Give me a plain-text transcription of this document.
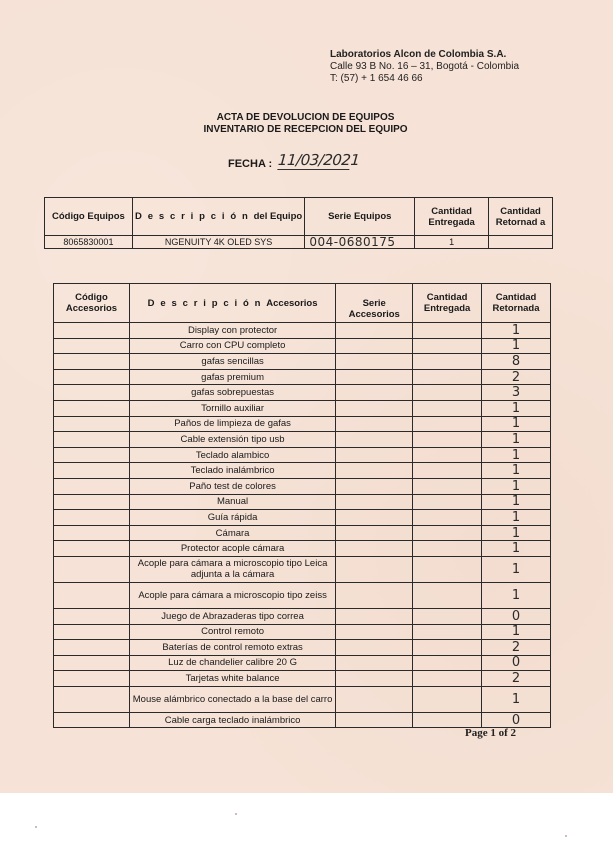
Laboratorios Alcon de Colombia S.A.
Calle 93 B No. 16 – 31, Bogotá - Colombia
T: (57) + 1 654 46 66
ACTA DE DEVOLUCION DE EQUIPOS
INVENTARIO DE RECEPCION DEL EQUIPO
FECHA : 11/03/2021
Código Equipos	D e s c r i p c i ó n del Equipo	Serie Equipos	Cantidad Entregada	Cantidad Retornad a
8065830001	NGENUITY 4K OLED SYS	004-0680175	1	
Código Accesorios	D e s c r i p c i ó n Accesorios	Serie Accesorios	Cantidad Entregada	Cantidad Retornada
	Display con protector			1
	Carro con CPU completo			1
	gafas sencillas			8
	gafas premium			2
	gafas sobrepuestas			3
	Tornillo auxiliar			1
	Paños de limpieza de gafas			1
	Cable extensión tipo usb			1
	Teclado alambico			1
	Teclado inalámbrico			1
	Paño test de colores			1
	Manual			1
	Guía rápida			1
	Cámara			1
	Protector acople cámara			1
	Acople para cámara a microscopio tipo Leica adjunta a la cámara			1
	Acople para cámara a microscopio tipo zeiss			1
	Juego de Abrazaderas tipo correa			0
	Control remoto			1
	Baterías de control remoto extras			2
	Luz de chandelier calibre 20 G			0
	Tarjetas white balance			2
	Mouse alámbrico conectado a la base del carro			1
	Cable carga teclado inalámbrico			0
Page 1 of 2
